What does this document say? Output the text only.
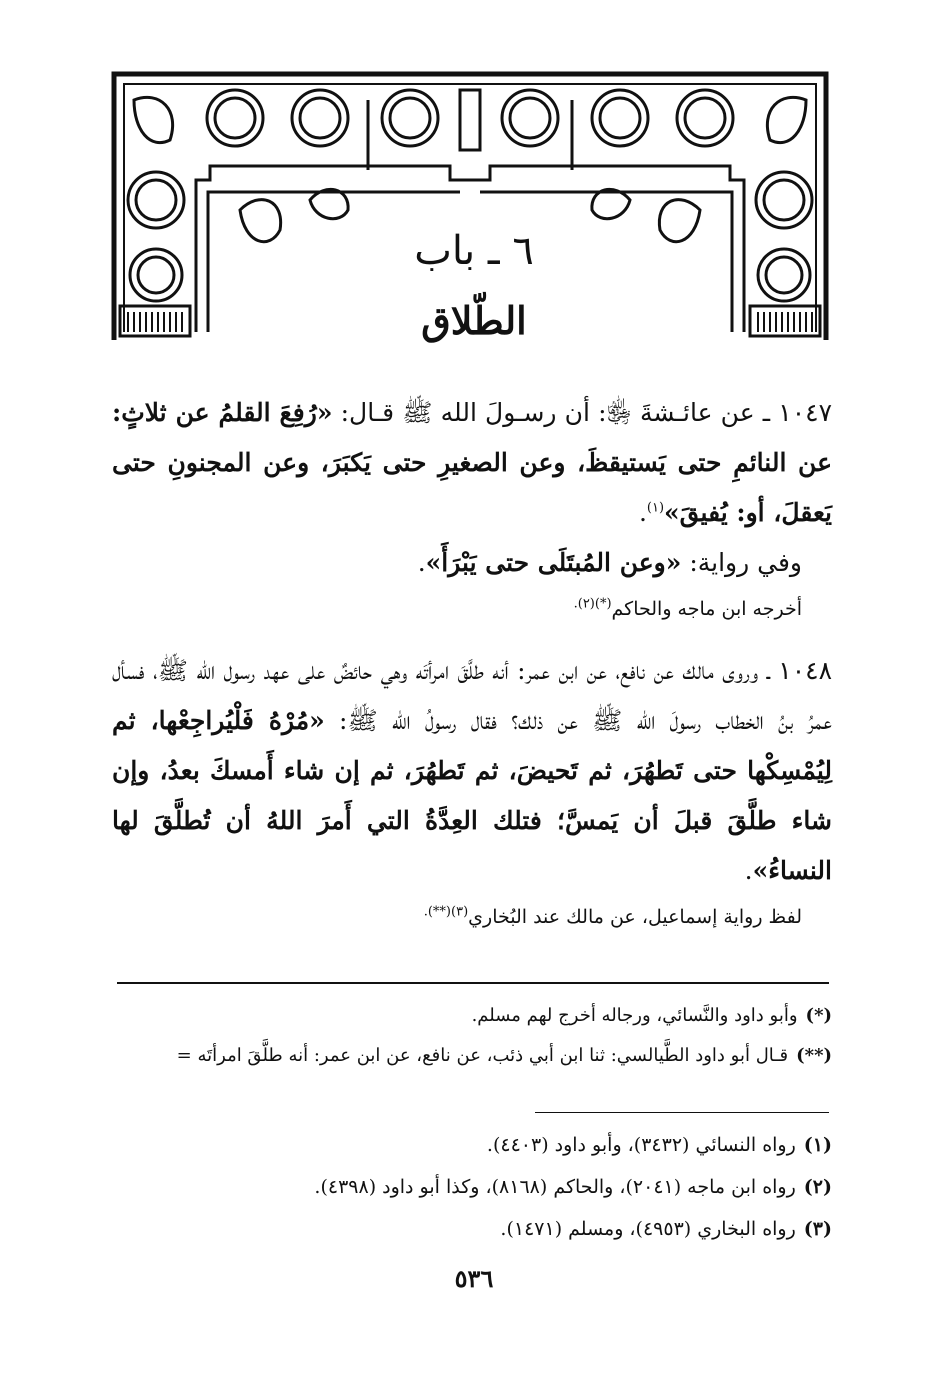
٦ ـ باب
الطّلاق

١٠٤٧ ـ عن عائـشةَ ﵂: أن رسـولَ الله ﷺ قـال: «رُفِعَ القلمُ عن ثلاثٍ: عن النائمِ حتى يَستيقظَ، وعن الصغيرِ حتى يَكبَرَ، وعن المجنونِ حتى يَعقلَ، أو: يُفيقَ»$^{(١)}$.

وفي رواية: «وعن المُبتَلَى حتى يَبْرَأَ».

أخرجه ابن ماجه والحاكم$^{(*)(٢).}$

١٠٤٨ ـ وروى مالك عن نافع، عن ابن عمر: أنه طلَّقَ امرأتَه وهي حائضٌ على عهد رسول الله ﷺ، فسأل عمرُ بنُ الخطاب رسولَ الله ﷺ عن ذلك؟ فقال رسولُ الله ﷺ: «مُرْهُ فَلْيُراجِعْها، ثم لِيُمْسِكْها حتى تَطهُرَ، ثم تَحيضَ، ثم تَطهُرَ، ثم إن شاء أَمسكَ بعدُ، وإن شاء طلَّقَ قبلَ أن يَمسَّ؛ فتلك العِدَّةُ التي أَمرَ اللهُ أن تُطلَّقَ لها النساءُ».

لفظ رواية إسماعيل، عن مالك عند البُخاري$^{(٣)(**).}$
(*)وأبو داود والنَّسائي، ورجاله أخرج لهم مسلم.
(**)قـال أبو داود الطَّيالسي: ثنا ابن أبي ذئب، عن نافع، عن ابن عمر: أنه طلَّقَ امرأتَه =
(١)رواه النسائي (٣٤٣٢)، وأبو داود (٤٤٠٣).
(٢)رواه ابن ماجه (٢٠٤١)، والحاكم (٨١٦٨)، وكذا أبو داود (٤٣٩٨).
(٣)رواه البخاري (٤٩٥٣)، ومسلم (١٤٧١).
٥٣٦
